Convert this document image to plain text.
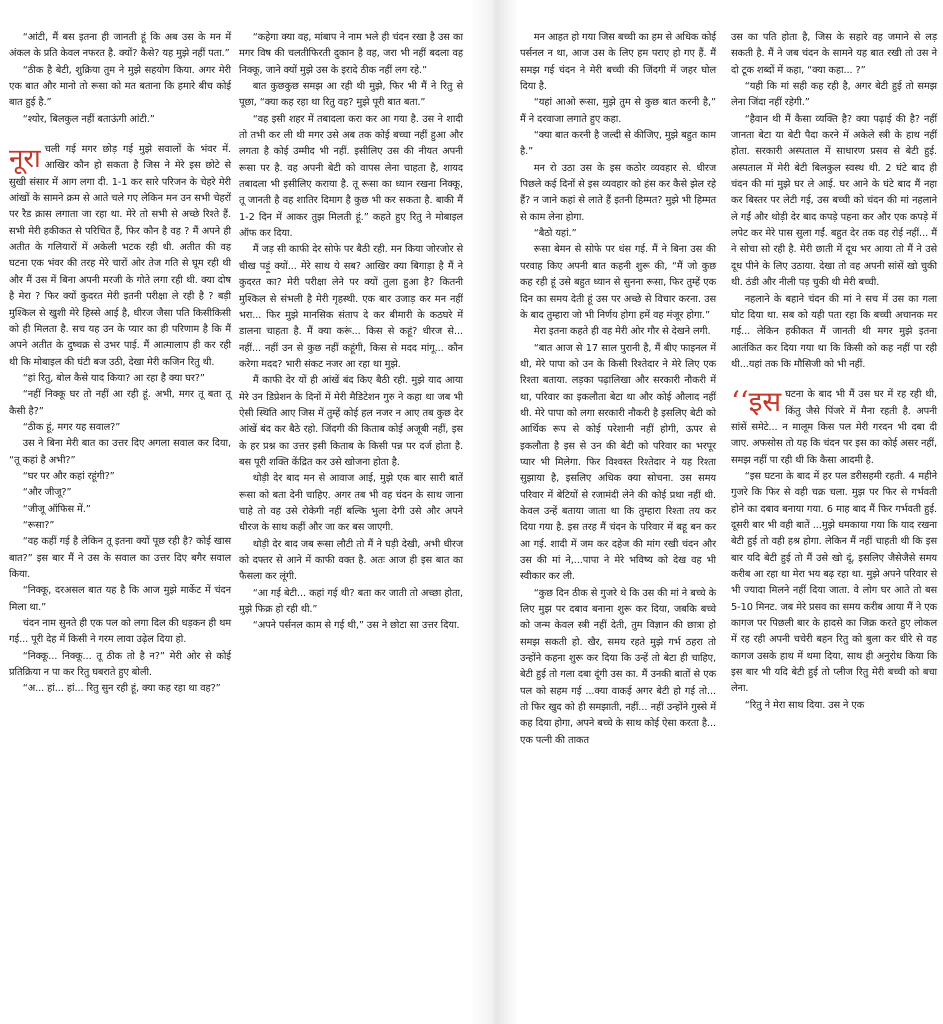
“आंटी, मैं बस इतना ही जानती हूं कि अब उस के मन में अंकल के प्रति केवल नफरत है. क्यों? कैसे? यह मुझे नहीं पता.”

“ठीक है बेटी, शुक्रिया तुम ने मुझे सहयोग किया. अगर मेरी एक बात और मानो तो रूसा को मत बताना कि हमारे बीच कोई बात हुई है.”

“श्योर, बिलकुल नहीं बताऊंगी आंटी.”

नूरा चली गई मगर छोड़ गई मुझे सवालों के भंवर में. आखिर कौन हो सकता है जिस ने मेरे इस छोटे से सुखी संसार में आग लगा दी. 1-1 कर सारे परिजन के चेहरे मेरी आंखों के सामने क्रम से आते चले गए लेकिन मन उन सभी चेहरों पर रैड क्रास लगाता जा रहा था. मेरे तो सभी से अच्छे रिश्ते हैं. सभी मेरी हकीकत से परिचित हैं, फिर कौन है वह ? मैं अपने ही अतीत के गलियारों में अकेली भटक रही थी. अतीत की वह घटना एक भंवर की तरह मेरे चारों ओर तेज गति से घूम रही थी और मैं उस में बिना अपनी मरजी के गोते लगा रही थी. क्या दोष है मेरा ? फिर क्यों कुदरत मेरी इतनी परीक्षा ले रही है ? बड़ी मुश्किल से खुशी मेरे हिस्से आई है, धीरज जैसा पति किसीकिसी को ही मिलता है. सच यह उन के प्यार का ही परिणाम है कि मैं अपने अतीत के दुष्चक्र से उभर पाई. मैं आत्मालाप ही कर रही थी कि मोबाइल की घंटी बज उठी, देखा मेरी कजिन रितु थी.

“हां रितु, बोल कैसे याद किया? आ रहा है क्या घर?”

“नहीं निक्कू घर तो नहीं आ रही हूं. अभी, मगर तू बता तू कैसी है?”

“ठीक हूं, मगर यह सवाल?”

उस ने बिना मेरी बात का उत्तर दिए अगला सवाल कर दिया, “तू कहां है अभी?”

“घर पर और कहां रहूंगी?”

“और जीजू?”

“जीजू ऑफिस में.”

“रूसा?”

“वह कहीं गई है लेकिन तू इतना क्यों पूछ रही है? कोई खास बात?” इस बार मैं ने उस के सवाल का उत्तर दिए बगैर सवाल किया.

“निक्कू, दरअसल बात यह है कि आज मुझे मार्केट में चंदन मिला था.”

चंदन नाम सुनते ही एक पल को लगा दिल की धड़कन ही थम गई... पूरी देह में किसी ने गरम लावा उढ़ेल दिया हो.

“निक्कू... निक्कू... तू ठीक तो है न?” मेरी ओर से कोई प्रतिक्रिया न पा कर रितु घबराते हुए बोली.

“अ... हां... हां... रितु सुन रही हूं, क्या कह रहा था वह?”

“कहेगा क्या वह, मांबाप ने नाम भले ही चंदन रखा है उस का मगर विष की चलतीफिरती दुकान है वह, जरा भी नहीं बदला वह निक्कू, जाने क्यों मुझे उस के इरादे ठीक नहीं लग रहे.”

बात कुछकुछ समझ आ रही थी मुझे, फिर भी मैं ने रितु से पूछा, “क्या कह रहा था रितु वह? मुझे पूरी बात बता.”

“वह इसी शहर में तबादला करा कर आ गया है. उस ने शादी तो तभी कर ली थी मगर उसे अब तक कोई बच्चा नहीं हुआ और लगता है कोई उम्मीद भी नहीं. इसीलिए उस की नीयत अपनी रूसा पर है. वह अपनी बेटी को वापस लेना चाहता है, शायद तबादला भी इसीलिए कराया है. तू रूसा का ध्यान रखना निक्कू, तू जानती है वह शातिर दिमाग है कुछ भी कर सकता है. बाकी मैं 1-2 दिन में आकर तुझ मिलती हूं.” कहते हुए रितु ने मोबाइल ऑफ कर दिया.

मैं जड़ सी काफी देर सोफे पर बैठी रही. मन किया जोरजोर से चीख पड़ूं क्यों... मेरे साथ ये सब? आखिर क्या बिगाड़ा है मैं ने कुदरत का? मेरी परीक्षा लेने पर क्यों तुला हुआ है? कितनी मुश्किल से संभली है मेरी गृहस्थी. एक बार उजाड़ कर मन नहीं भरा... फिर मुझे मानसिक संताप दे कर बीमारी के कठघरे में डालना चाहता है. मैं क्या करूं... किस से कहूं? धीरज से... नहीं... नहीं उन से कुछ नहीं कहूंगी, किस से मदद मांगू... कौन करेगा मदद? भारी संकट नजर आ रहा था मुझे.

मैं काफी देर यों ही आंखें बंद किए बैठी रही. मुझे याद आया मेरे उन डिप्रेशन के दिनों में मेरी मैडिटेशन गुरु ने कहा था जब भी ऐसी स्थिति आए जिस में तुम्हें कोई हल नजर न आए तब कुछ देर आंखें बंद कर बैठे रहो. जिंदगी की किताब कोई अजूबी नहीं, इस के हर प्रश्न का उत्तर इसी किताब के किसी पन्न पर दर्ज होता है. बस पूरी शक्ति केंद्रित कर उसे खोजना होता है.

थोड़ी देर बाद मन से आवाज आई, मुझे एक बार सारी बातें रूसा को बता देनी चाहिए. अगर तब भी वह चंदन के साथ जाना चाहे तो वह उसे रोकेगी नहीं बल्कि भुला देगी उसे और अपने धीरज के साथ कहीं और जा कर बस जाएगी.

थोड़ी देर बाद जब रूसा लौटी तो मैं ने घड़ी देखी, अभी धीरज को दफ्तर से आने में काफी वक्त है. अतः आज ही इस बात का फैसला कर लूंगी.

“आ गई बेटी... कहां गई थी? बता कर जाती तो अच्छा होता, मुझे फिक्र हो रही थी.”

“अपने पर्सनल काम से गई थी,” उस ने छोटा सा उत्तर दिया.

मन आहत हो गया जिस बच्ची का हम से अधिक कोई पर्सनल न था, आज उस के लिए हम पराए हो गए हैं. मैं समझ गई चंदन ने मेरी बच्ची की जिंदगी में जहर घोल दिया है.

“यहां आओ रूसा, मुझे तुम से कुछ बात करनी है,” मैं ने दरवाजा लगाते हुए कहा.

“क्या बात करनी है जल्दी से कीजिए, मुझे बहुत काम है.”

मन रो उठा उस के इस कठोर व्यवहार से. धीरज पिछले कई दिनों से इस व्यवहार को हंस कर कैसे झेल रहे हैं? न जाने कहां से लाते हैं इतनी हिम्मत? मुझे भी हिम्मत से काम लेना होगा.

“बैठो यहां.”

रूसा बेमन से सोफे पर धंस गई. मैं ने बिना उस की परवाह किए अपनी बात कहनी शुरू की, “मैं जो कुछ कह रही हूं उसे बहुत ध्यान से सुनना रूसा, फिर तुम्हें एक दिन का समय देती हूं उस पर अच्छे से विचार करना. उस के बाद तुम्हारा जो भी निर्णय होगा हमें वह मंजूर होगा.”

मेरा इतना कहते ही वह मेरी ओर गौर से देखने लगी.

“बात आज से 17 साल पुरानी है, मैं बीए फाइनल में थी, मेरे पापा को उन के किसी रिश्तेदार ने मेरे लिए एक रिश्ता बताया. लड़का पढ़ालिखा और सरकारी नौकरी में था, परिवार का इकलौता बेटा था और कोई औलाद नहीं थी. मेरे पापा को लगा सरकारी नौकरी है इसलिए बेटी को आर्थिक रूप से कोई परेशानी नहीं होगी, ऊपर से इकलौता है इस से उन की बेटी को परिवार का भरपूर प्यार भी मिलेगा. फिर विश्वस्त रिश्तेदार ने यह रिश्ता सुझाया है, इसलिए अधिक क्या सोचना. उस समय परिवार में बेटियों से रजामंदी लेने की कोई प्रथा नहीं थी. केवल उन्हें बताया जाता था कि तुम्हारा रिश्ता तय कर दिया गया है. इस तरह मैं चंदन के परिवार में बहू बन कर आ गई. शादी में जम कर दहेज की मांग रखी चंदन और उस की मां ने,...पापा ने मेरे भविष्य को देख वह भी स्वीकार कर ली.

“कुछ दिन ठीक से गुजरे थे कि उस की मां ने बच्चे के लिए मुझ पर दबाव बनाना शुरू कर दिया, जबकि बच्चे को जन्म केवल स्त्री नहीं देती, तुम विज्ञान की छात्रा हो समझ सकती हो. खैर, समय रहते मुझे गर्भ ठहरा तो उन्होंने कहना शुरू कर दिया कि उन्हें तो बेटा ही चाहिए, बेटी हुई तो गला दबा दूंगी उस का. मैं उनकी बातों से एक पल को सहम गई ...क्या वाकई अगर बेटी हो गई तो... तो फिर खुद को ही समझाती, नहीं... नहीं उन्होंने गुस्से में कह दिया होगा, अपने बच्चे के साथ कोई ऐसा करता है... एक पत्नी की ताकत

उस का पति होता है, जिस के सहारे वह जमाने से लड़ सकती है. मैं ने जब चंदन के सामने यह बात रखी तो उस ने दो टूक शब्दों में कहा, “क्या कहा... ?”

“यही कि मां सही कह रही है, अगर बेटी हुई तो समझ लेना जिंदा नहीं रहेगी.”

“हैवान थी मैं कैसा व्यक्ति है? क्या पढ़ाई की है? नहीं जानता बेटा या बेटी पैदा करने में अकेले स्त्री के हाथ नहीं होता. सरकारी अस्पताल में साधारण प्रसव से बेटी हुई. अस्पताल में मेरी बेटी बिलकुल स्वस्थ थी. 2 घंटे बाद ही चंदन की मां मुझे घर ले आई. घर आने के घंटे बाद मैं नहा कर बिस्तर पर लेटी गई, उस बच्ची को चंदन की मां नहलाने ले गईं और थोड़ी देर बाद कपड़े पहना कर और एक कपड़े में लपेट कर मेरे पास सुला गईं. बहुत देर तक वह रोई नहीं... मैं ने सोचा सो रही है. मेरी छाती में दूध भर आया तो मैं ने उसे दूध पीने के लिए उठाया. देखा तो वह अपनी सांसें खो चुकी थी. ठंडी और नीली पड़ चुकी थी मेरी बच्ची.

नहलाने के बहाने चंदन की मां ने सच में उस का गला घोट दिया था. सब को यही पता रहा कि बच्ची अचानक मर गई... लेकिन हकीकत मैं जानती थी मगर मुझे इतना आतंकित कर दिया गया था कि किसी को कह नहीं पा रही थी...यहां तक कि मौसिजी को भी नहीं.

‘‘इस घटना के बाद भी मैं उस घर में रह रही थी, किंतु जैसे पिंजरे में मैना रहती है. अपनी सांसें समेटे... न मालूम किस पल मेरी गरदन भी दबा दी जाए. अफसोस तो यह कि चंदन पर इस का कोई असर नहीं, समझ नहीं पा रही थी कि कैसा आदमी है.

“इस घटना के बाद में हर पल डरीसहमी रहती. 4 महीने गुजरे कि फिर से वही चक्र चला. मुझ पर फिर से गर्भवती होने का दबाव बनाया गया. 6 माह बाद मैं फिर गर्भवती हुई. दूसरी बार भी वही बातें ...मुझे धमकाया गया कि याद रखना बेटी हुई तो वही हश्र होगा. लेकिन मैं नहीं चाहती थी कि इस बार यदि बेटी हुई तो मैं उसे खो दूं, इसलिए जैसेजैसे समय करीब आ रहा था मेरा भय बढ़ रहा था. मुझे अपने परिवार से भी ज्यादा मिलने नहीं दिया जाता. वे लोग घर आते तो बस 5-10 मिनट. जब मेरे प्रसव का समय करीब आया मैं ने एक कागज पर पिछली बार के हादसे का जिक्र करते हुए लोकल में रह रही अपनी चचेरी बहन रितु को बुला कर धीरे से वह कागज उसके हाथ में थमा दिया, साथ ही अनुरोध किया कि इस बार भी यदि बेटी हुई तो प्लीज रितु मेरी बच्ची को बचा लेना.

“रितु ने मेरा साथ दिया. उस ने एक
